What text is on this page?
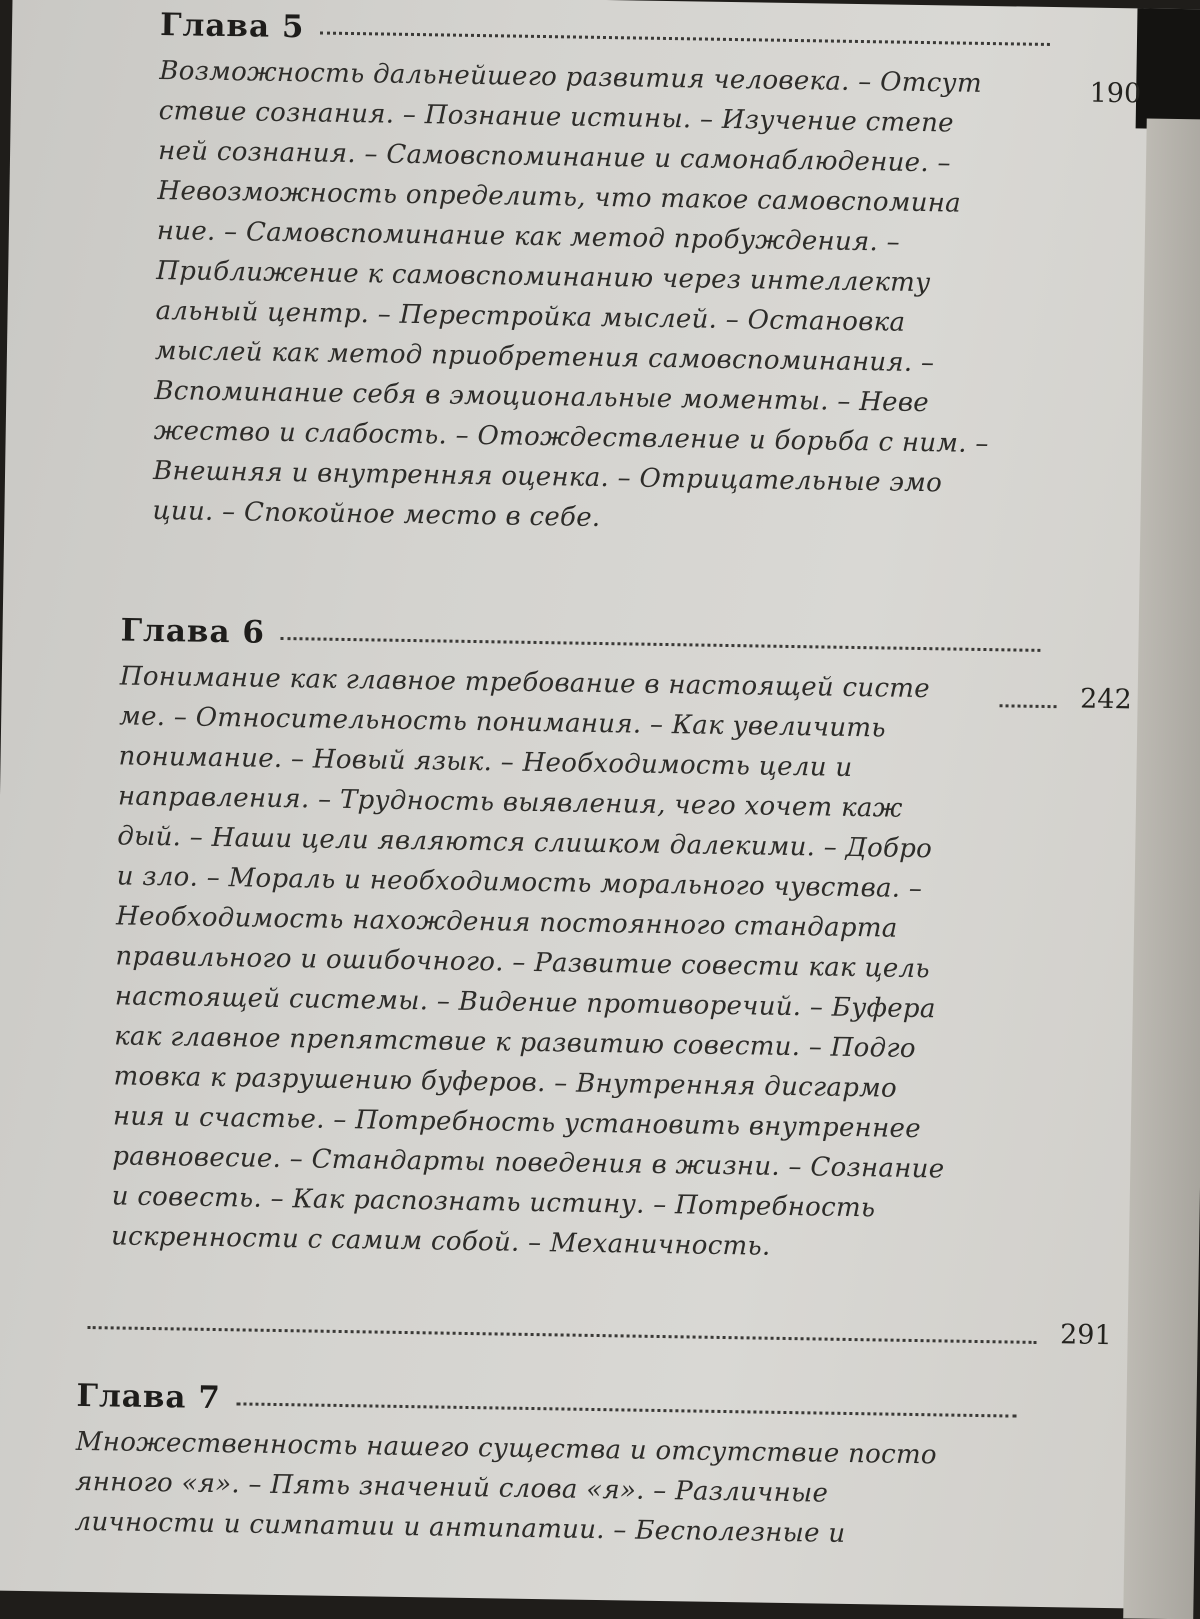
Глава 5
Возможность дальнейшего развития человека. – Отсут
ствие сознания. – Познание истины. – Изучение степе
ней сознания. – Самовспоминание и самонаблюдение. –
Невозможность определить, что такое самовспомина
ние. – Самовспоминание как метод пробуждения. –
Приближение к самовспоминанию через интеллекту
альный центр. – Перестройка мыслей. – Остановка
мыслей как метод приобретения самовспоминания. –
Вспоминание себя в эмоциональные моменты. – Неве
жество и слабость. – Отождествление и борьба с ним. –
Внешняя и внутренняя оценка. – Отрицательные эмо
ции. – Спокойное место в себе.
190
Глава 6
Понимание как главное требование в настоящей систе
ме. – Относительность понимания. – Как увеличить
понимание. – Новый язык. – Необходимость цели и
направления. – Трудность выявления, чего хочет каж
дый. – Наши цели являются слишком далекими. – Добро
и зло. – Мораль и необходимость морального чувства. –
Необходимость нахождения постоянного стандарта
правильного и ошибочного. – Развитие совести как цель
настоящей системы. – Видение противоречий. – Буфера
как главное препятствие к развитию совести. – Подго
товка к разрушению буферов. – Внутренняя дисгармо
ния и счастье. – Потребность установить внутреннее
равновесие. – Стандарты поведения в жизни. – Сознание
и совесть. – Как распознать истину. – Потребность
искренности с самим собой. – Механичность.
242
291
Глава 7
Множественность нашего существа и отсутствие посто
янного «я». – Пять значений слова «я». – Различные
личности и симпатии и антипатии. – Бесполезные и
